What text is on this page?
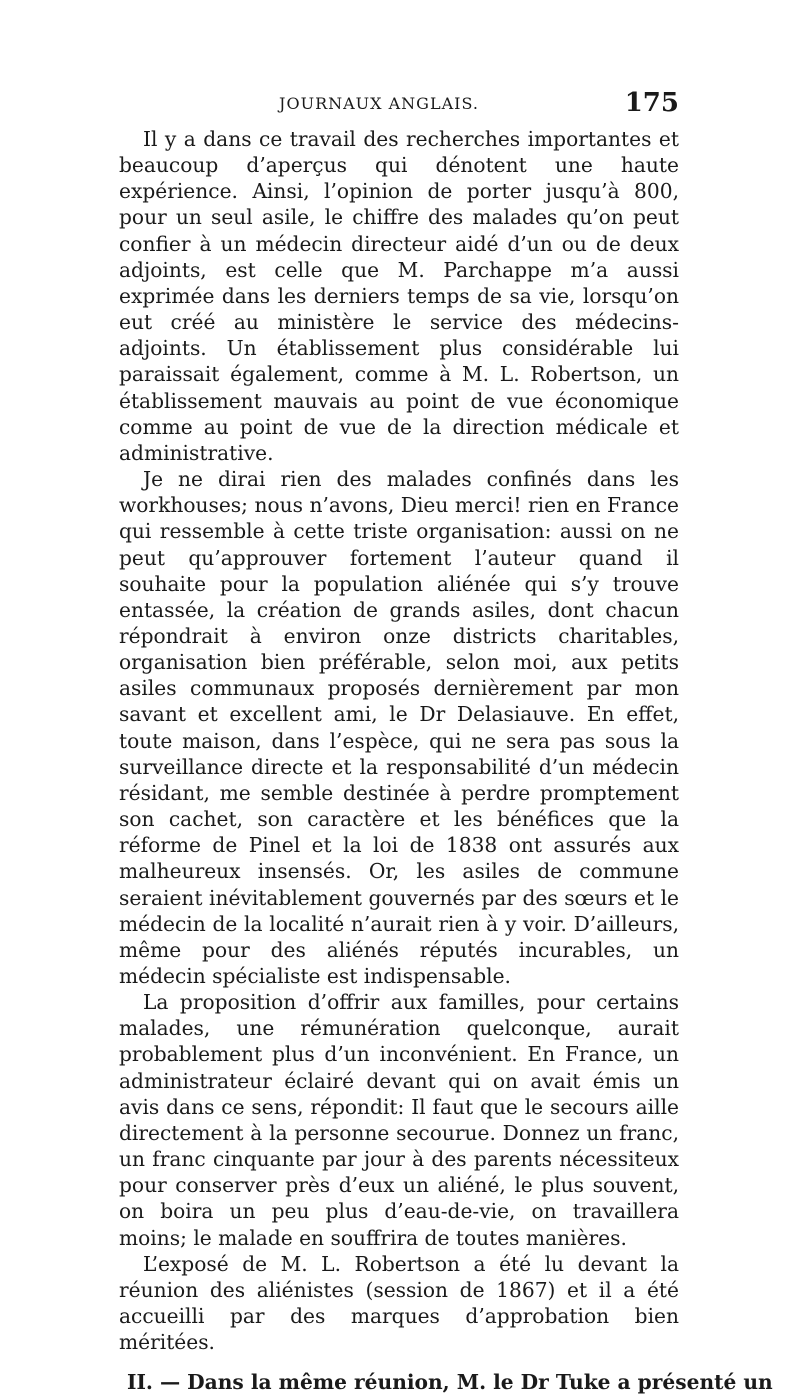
JOURNAUX ANGLAIS.	175

Il y a dans ce travail des recherches importantes et beaucoup d’aperçus qui dénotent une haute expérience. Ainsi, l’opinion de porter jusqu’à 800, pour un seul asile, le chiffre des malades qu’on peut confier à un médecin directeur aidé d’un ou de deux adjoints, est celle que M. Parchappe m’a aussi exprimée dans les derniers temps de sa vie, lorsqu’on eut créé au ministère le service des médecins-adjoints. Un établissement plus considérable lui paraissait également, comme à M. L. Robertson, un établissement mauvais au point de vue économique comme au point de vue de la direction médicale et administrative.

Je ne dirai rien des malades confinés dans les workhouses; nous n’avons, Dieu merci! rien en France qui ressemble à cette triste organisation: aussi on ne peut qu’approuver fortement l’auteur quand il souhaite pour la population aliénée qui s’y trouve entassée, la création de grands asiles, dont chacun répondrait à environ onze districts charitables, organisation bien préférable, selon moi, aux petits asiles communaux proposés dernièrement par mon savant et excellent ami, le Dr Delasiauve. En effet, toute maison, dans l’espèce, qui ne sera pas sous la surveillance directe et la responsabilité d’un médecin résidant, me semble destinée à perdre promptement son cachet, son caractère et les bénéfices que la réforme de Pinel et la loi de 1838 ont assurés aux malheureux insensés. Or, les asiles de commune seraient inévitablement gouvernés par des sœurs et le médecin de la localité n’aurait rien à y voir. D’ailleurs, même pour des aliénés réputés incurables, un médecin spécialiste est indispensable.

La proposition d’offrir aux familles, pour certains malades, une rémunération quelconque, aurait probablement plus d’un inconvénient. En France, un administrateur éclairé devant qui on avait émis un avis dans ce sens, répondit: Il faut que le secours aille directement à la personne secourue. Donnez un franc, un franc cinquante par jour à des parents nécessiteux pour conserver près d’eux un aliéné, le plus souvent, on boira un peu plus d’eau-de-vie, on travaillera moins; le malade en souffrira de toutes manières.

L’exposé de M. L. Robertson a été lu devant la réunion des aliénistes (session de 1867) et il a été accueilli par des marques d’approbation bien méritées.

II. — Dans la même réunion, M. le Dr Tuke a présenté un
